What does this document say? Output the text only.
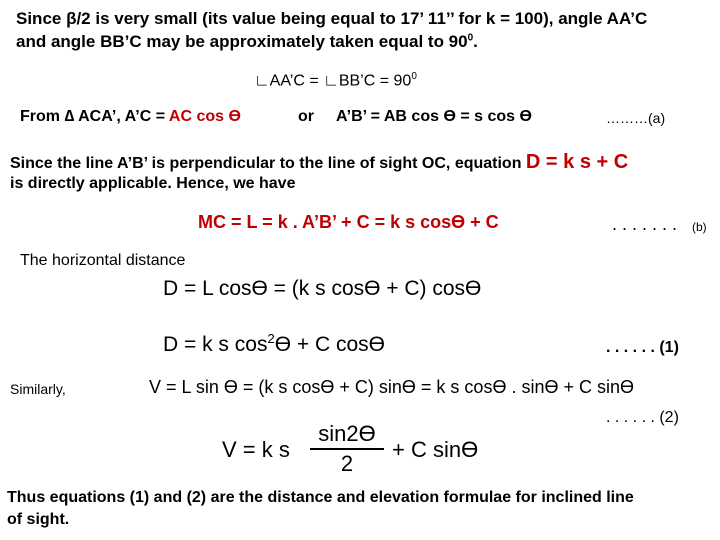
Since β/2 is very small (its value being equal to 17’ 11’’ for k = 100), angle AA’C
and angle BB’C may be approximately taken equal to $90^0$.
∟AA’C = ∟BB’C = $90^0$
From ∆ ACA’, A’C = AC cos ϴ	or A’B’ = AB cos ϴ = s cos ϴ	………(a)
Since the line A’B’ is perpendicular to the line of sight OC, equation D = k s + C
is directly applicable. Hence, we have
MC = L = k . A’B’ + C = k s cosϴ + C	. . . . . . . (b)
The horizontal distance
D = L cosϴ = (k s cosϴ + C) cosϴ
D = k s $\cos^2ϴ + C$ cosϴ	. . . . . . (1)
Similarly,	V = L sin ϴ = (k s cosϴ + C) sinϴ = k s cosϴ . sinϴ + C sinϴ
. . . . . . (2)
V = k s
sin2ϴ
2
+ C sinϴ
Thus equations (1) and (2) are the distance and elevation formulae for inclined line
of sight.
